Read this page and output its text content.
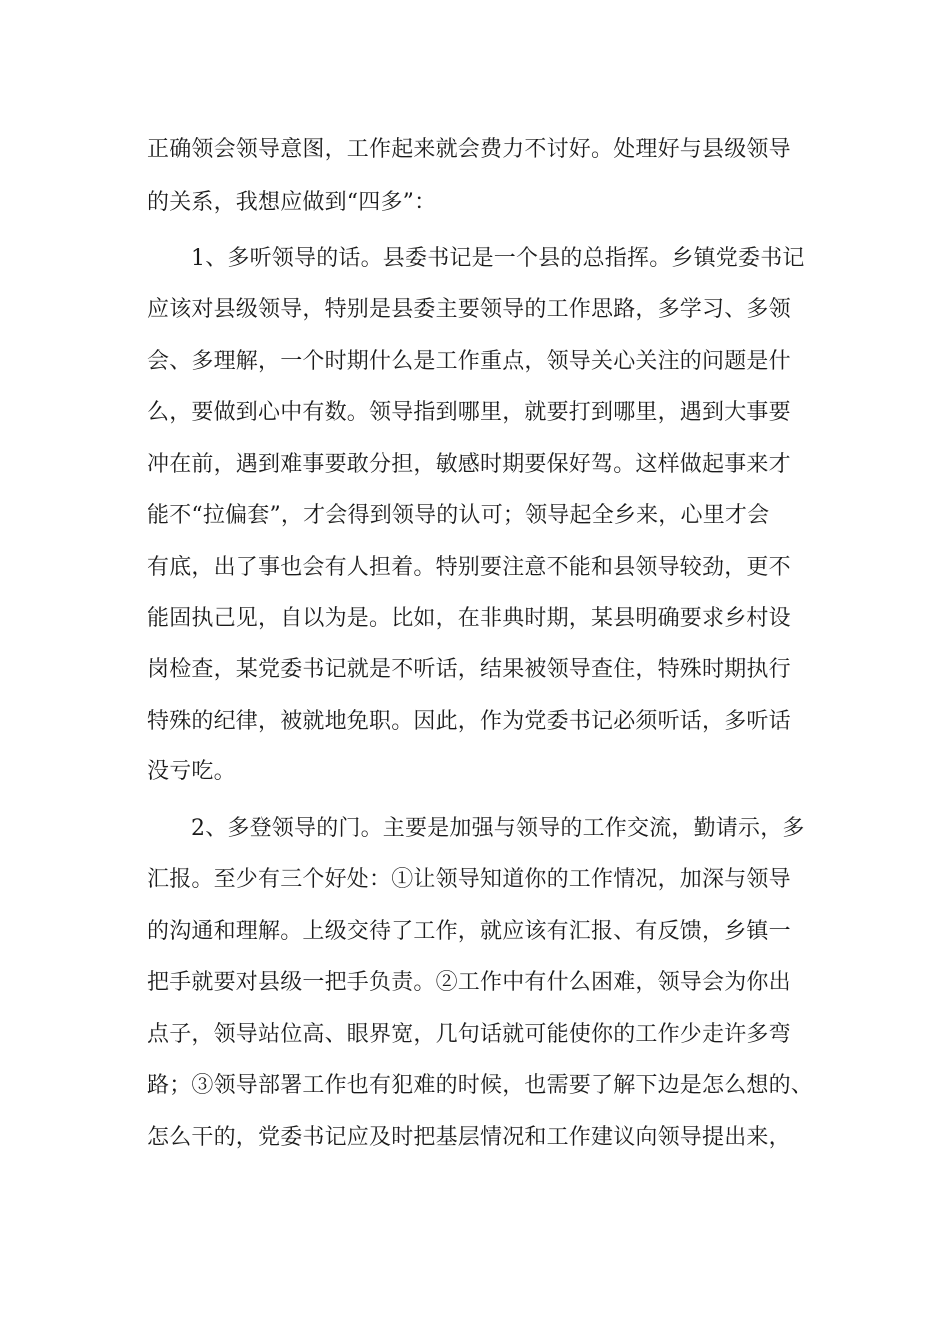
正确领会领导意图，工作起来就会费力不讨好。处理好与县级领导
的关系，我想应做到“四多”：
1、多听领导的话。县委书记是一个县的总指挥。乡镇党委书记
应该对县级领导，特别是县委主要领导的工作思路，多学习、多领
会、多理解，一个时期什么是工作重点，领导关心关注的问题是什
么，要做到心中有数。领导指到哪里，就要打到哪里，遇到大事要
冲在前，遇到难事要敢分担，敏感时期要保好驾。这样做起事来才
能不“拉偏套”，才会得到领导的认可；领导起全乡来，心里才会
有底，出了事也会有人担着。特别要注意不能和县领导较劲，更不
能固执己见，自以为是。比如，在非典时期，某县明确要求乡村设
岗检查，某党委书记就是不听话，结果被领导查住，特殊时期执行
特殊的纪律，被就地免职。因此，作为党委书记必须听话，多听话
没亏吃。
2、多登领导的门。主要是加强与领导的工作交流，勤请示，多
汇报。至少有三个好处：①让领导知道你的工作情况，加深与领导
的沟通和理解。上级交待了工作，就应该有汇报、有反馈，乡镇一
把手就要对县级一把手负责。②工作中有什么困难，领导会为你出
点子，领导站位高、眼界宽，几句话就可能使你的工作少走许多弯
路；③领导部署工作也有犯难的时候，也需要了解下边是怎么想的、
怎么干的，党委书记应及时把基层情况和工作建议向领导提出来，
